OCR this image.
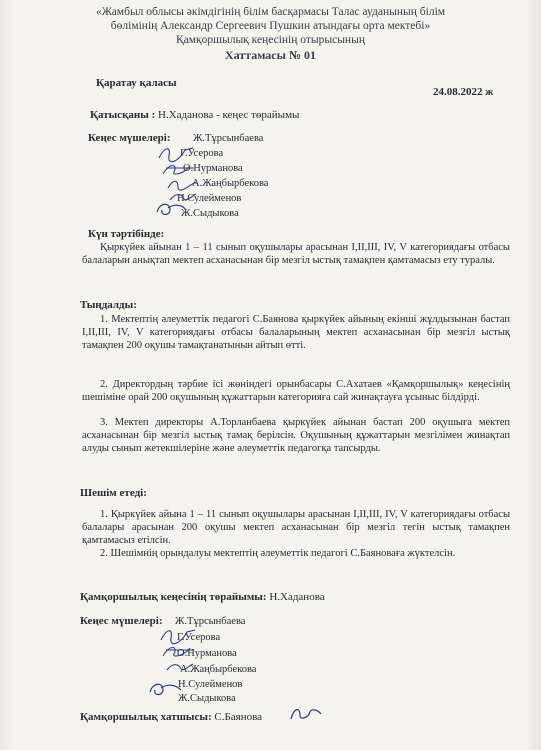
«Жамбыл облысы әкімдігінің білім басқармасы Талас ауданының білім
бөлімінің Александр Сергеевич Пушкин атындағы орта мектебі»
Қамқоршылық кеңесінің отырысының
Хаттамасы № 01
Қаратау қаласы
24.08.2022 ж
Қатысқаны : Н.Хаданова - кеңес төрайымы
Кеңес мүшелері: Ж.Тұрсынбаева
Г.Усерова
О.Нурманова
А.Жаңбырбекова
Н.Сулейменов
Ж.Сыдыкова
Күн тәртібінде:
Қыркүйек айынан 1 – 11 сынып оқушылары арасынан I,II,III, IV, V категориядағы отбасы балаларын анықтап мектеп асханасынан бір мезгіл ыстық тамақпен қамтамасыз ету туралы.
Тыңдалды:
1. Мектептің әлеуметтік педагогі С.Баянова қыркүйек айының екінші жұлдызынан бастап I,II,III, IV, V категориядағы отбасы балаларының мектеп асханасынан бір мезгіл ыстық тамақпен 200 оқушы тамақтанатынын айтып өтті.
2. Директордың тәрбие ісі жөніндегі орынбасары С.Ахатаев «Қамқоршылық» кеңесінің шешіміне орай 200 оқушының құжаттарын категорияға сай жинақтауға ұсыныс білдірді.
3. Мектеп директоры А.Торланбаева қыркүйек айынан бастап 200 оқушыға мектеп асханасынан бір мезгіл ыстық тамақ берілсін. Оқушының құжаттарын мезгілімен жинақтап алуды сынып жетекшілеріне және әлеуметтік педагогқа тапсырды.
Шешім етеді:
1. Қыркүйек айына 1 – 11 сынып оқушылары арасынан I,II,III, IV, V категориядағы отбасы балалары арасынан 200 оқушы мектеп асханасынан бір мезгіл тегін ыстық тамақпен қамтамасыз етілсін.
2. Шешімнің орындалуы мектептің әлеуметтік педагогі С.Баяноваға жүктелсін.
Қамқоршылық кеңесінің төрайымы: Н.Хаданова
Кеңес мүшелері: Ж.Тұрсынбаева
Г.Усерова
О.Нурманова
А.Жаңбырбекова
Н.Сулейменов
Ж.Сыдыкова
Қамқоршылық хатшысы: С.Баянова
